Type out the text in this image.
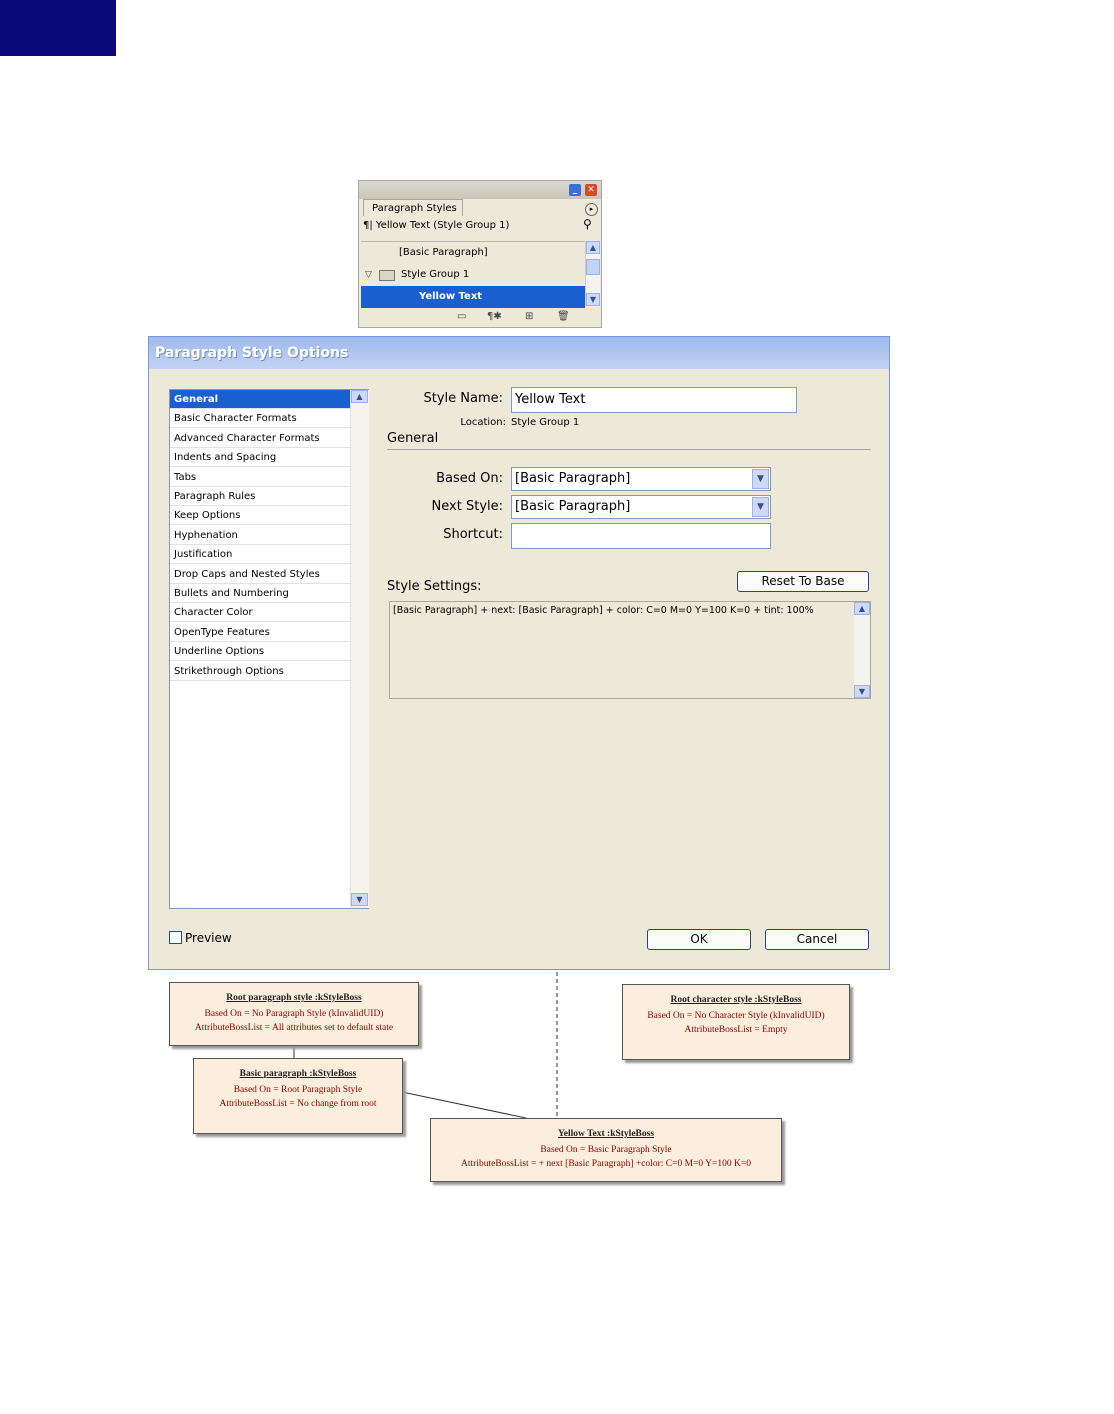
_	✕
Paragraph Styles	▸
¶| Yellow Text (Style Group 1)	⚲
[Basic Paragraph]
▽	Style Group 1
Yellow Text
▲
▼
▭ ¶✱ ⊞ 🗑
Paragraph Style Options
General
Basic Character Formats
Advanced Character Formats
Indents and Spacing
Tabs
Paragraph Rules
Keep Options
Hyphenation
Justification
Drop Caps and Nested Styles
Bullets and Numbering
Character Color
OpenType Features
Underline Options
Strikethrough Options
▲
▼
Style Name: Yellow Text
Location: Style Group 1
General
Based On: [Basic Paragraph]	▼
Next Style: [Basic Paragraph]	▼
Shortcut:
Style Settings:	Reset To Base
[Basic Paragraph] + next: [Basic Paragraph] + color: C=0 M=0 Y=100 K=0 + tint: 100%	▲
▼
Preview	OK	Cancel
Root paragraph style :kStyleBoss
Based On = No Paragraph Style (kInvalidUID)
AttributeBossList = All attributes set to default state
Basic paragraph :kStyleBoss
Based On = Root Paragraph Style
AttributeBossList = No change from root
Yellow Text :kStyleBoss
Based On = Basic Paragraph Style
AttributeBossList = + next [Basic Paragraph] +color: C=0 M=0 Y=100 K=0
Root character style :kStyleBoss
Based On = No Character Style (kInvalidUID)
AttributeBossList = Empty
